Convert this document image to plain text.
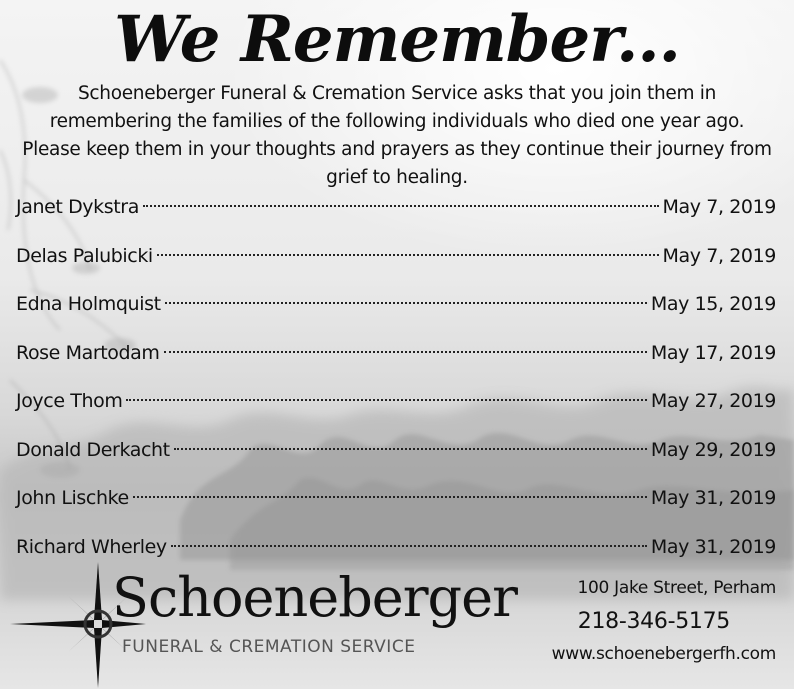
We Remember...
Schoeneberger Funeral & Cremation Service asks that you join them in remembering the families of the following individuals who died one year ago. Please keep them in your thoughts and prayers as they continue their journey from grief to healing.
Janet Dykstra	May 7, 2019
Delas Palubicki	May 7, 2019
Edna Holmquist	May 15, 2019
Rose Martodam	May 17, 2019
Joyce Thom	May 27, 2019
Donald Derkacht	May 29, 2019
John Lischke	May 31, 2019
Richard Wherley	May 31, 2019
Schoeneberger
FUNERAL & CREMATION SERVICE
100 Jake Street, Perham
218-346-5175
www.schoenebergerfh.com
